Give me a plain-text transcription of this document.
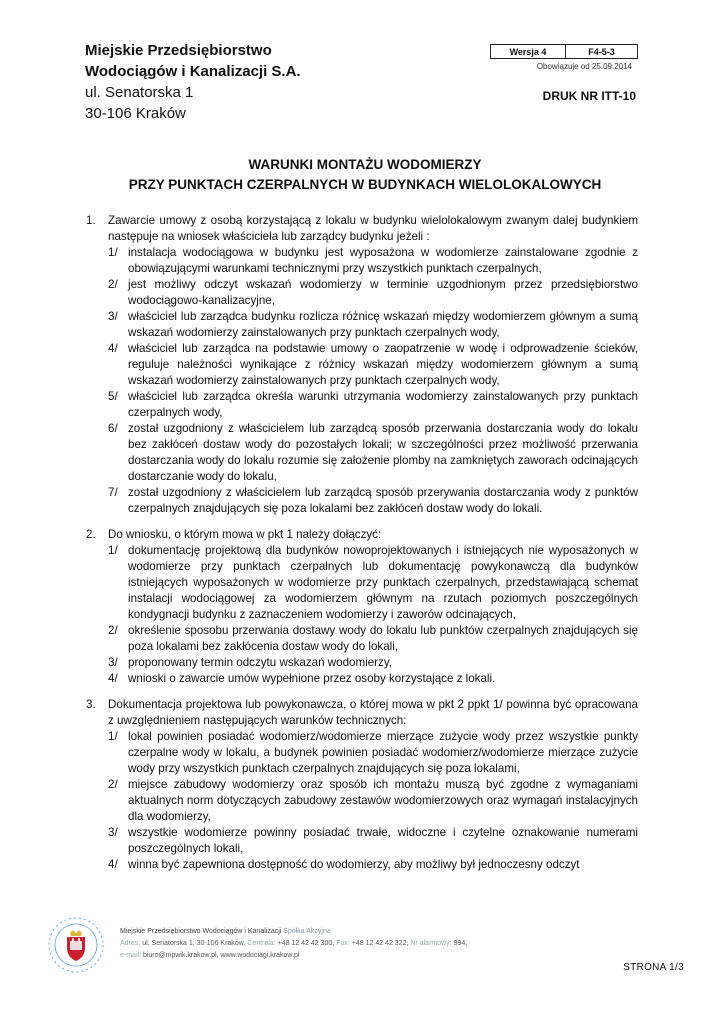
Miejskie Przedsiębiorstwo
Wodociągów i Kanalizacji S.A.
ul. Senatorska 1
30-106 Kraków
Wersja 4	F4-5-3
Obowiązuje od 25.09.2014
DRUK NR ITT-10
WARUNKI MONTAŻU WODOMIERZY
PRZY PUNKTACH CZERPALNYCH W BUDYNKACH WIELOLOKALOWYCH
1. Zawarcie umowy z osobą korzystającą z lokalu w budynku wielolokalowym zwanym dalej budynkiem następuje na wniosek właściciela lub zarządcy budynku jeżeli :
1/ instalacja wodociągowa w budynku jest wyposażona w wodomierze zainstalowane zgodnie z obowiązującymi warunkami technicznymi przy wszystkich punktach czerpalnych,
2/ jest możliwy odczyt wskazań wodomierzy w terminie uzgodnionym przez przedsiębiorstwo wodociągowo-kanalizacyjne,
3/ właściciel lub zarządca budynku rozlicza różnicę wskazań między wodomierzem głównym a sumą wskazań wodomierzy zainstalowanych przy punktach czerpalnych wody,
4/ właściciel lub zarządca na podstawie umowy o zaopatrzenie w wodę i odprowadzenie ścieków, reguluje należności wynikające z różnicy wskazań między wodomierzem głównym a sumą wskazań wodomierzy zainstalowanych przy punktach czerpalnych wody,
5/ właściciel lub zarządca określa warunki utrzymania wodomierzy zainstalowanych przy punktach czerpalnych wody,
6/ został uzgodniony z właścicielem lub zarządcą sposób przerwania dostarczania wody do lokalu bez zakłóceń dostaw wody do pozostałych lokali; w szczególności przez możliwość przerwania dostarczania wody do lokalu rozumie się założenie plomby na zamkniętych zaworach odcinających dostarczanie wody do lokalu,
7/ został uzgodniony z właścicielem lub zarządcą sposób przerywania dostarczania wody z punktów czerpalnych znajdujących się poza lokalami bez zakłóceń dostaw wody do lokali.
2. Do wniosku, o którym mowa w pkt 1 należy dołączyć:
1/ dokumentację projektową dla budynków nowoprojektowanych i istniejących nie wyposażonych w wodomierze przy punktach czerpalnych lub dokumentację powykonawczą dla budynków istniejących wyposażonych w wodomierze przy punktach czerpalnych, przedstawiającą schemat instalacji wodociągowej za wodomierzem głównym na rzutach poziomych poszczególnych kondygnacji budynku z zaznaczeniem wodomierzy i zaworów odcinających,
2/ określenie sposobu przerwania dostawy wody do lokalu lub punktów czerpalnych znajdujących się poza lokalami bez zakłócenia dostaw wody do lokali,
3/ proponowany termin odczytu wskazań wodomierzy,
4/ wnioski o zawarcie umów wypełnione przez osoby korzystające z lokali.
3. Dokumentacja projektowa lub powykonawcza, o której mowa w pkt 2 ppkt 1/ powinna być opracowana z uwzględnieniem następujących warunków technicznych:
1/ lokal powinien posiadać wodomierz/wodomierze mierzące zużycie wody przez wszystkie punkty czerpalne wody w lokalu, a budynek powinien posiadać wodomierz/wodomierze mierzące zużycie wody przy wszystkich punktach czerpalnych znajdujących się poza lokalami,
2/ miejsce zabudowy wodomierzy oraz sposób ich montażu muszą być zgodne z wymaganiami aktualnych norm dotyczących zabudowy zestawów wodomierzowych oraz wymagań instalacyjnych dla wodomierzy,
3/ wszystkie wodomierze powinny posiadać trwałe, widoczne i czytelne oznakowanie numerami poszczególnych lokali,
4/ winna być zapewniona dostępność do wodomierzy, aby możliwy był jednoczesny odczyt
Miejskie Przedsiębiorstwo Wodociągów i Kanalizacji Spółka Akcyjna
Adres: ul. Senatorska 1, 30-106 Kraków, Centrala: +48 12 42 42 300, Fax: +48 12 42 42 322, Nr alarmowy: 994,
e-mail: biuro@mpwik.krakow.pl, www.wodociagi.krakow.pl
STRONA 1/3
